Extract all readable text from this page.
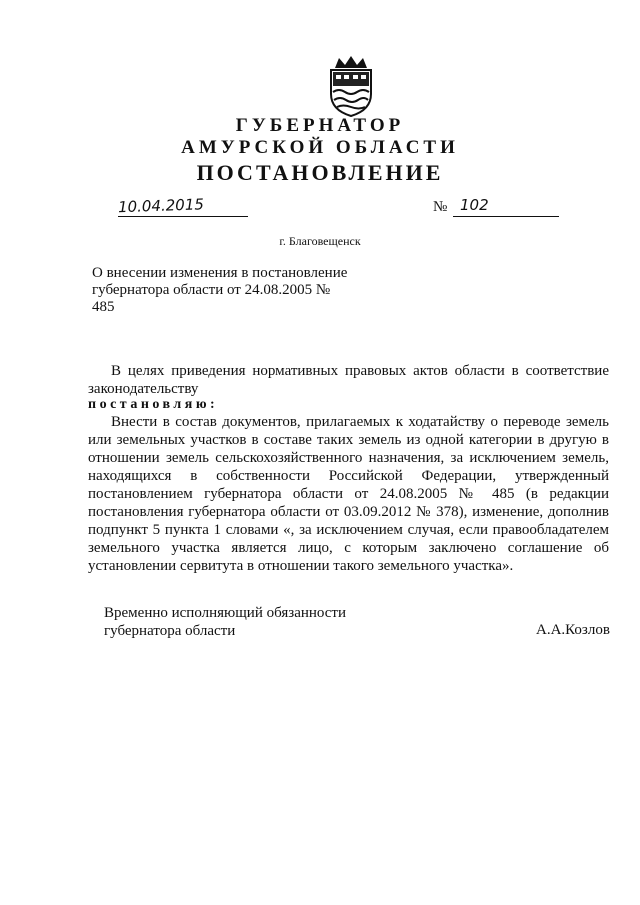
ГУБЕРНАТОР
АМУРСКОЙ ОБЛАСТИ
ПОСТАНОВЛЕНИЕ
10.04.2015	№ 102
г. Благовещенск
О внесении изменения в постановление губернатора области от 24.08.2005 № 485
В целях приведения нормативных правовых актов области в соответствие законодательству
постановляю:
Внести в состав документов, прилагаемых к ходатайству о переводе земель или земельных участков в составе таких земель из одной категории в другую в отношении земель сельскохозяйственного назначения, за исключением земель, находящихся в собственности Российской Федерации, утвержденный постановлением губернатора области от 24.08.2005 № 485 (в редакции постановления губернатора области от 03.09.2012 № 378), изменение, дополнив подпункт 5 пункта 1 словами «, за исключением случая, если правообладателем земельного участка является лицо, с которым заключено соглашение об установлении сервитута в отношении такого земельного участка».
Временно исполняющий обязанности
губернатора области	А.А.Козлов
